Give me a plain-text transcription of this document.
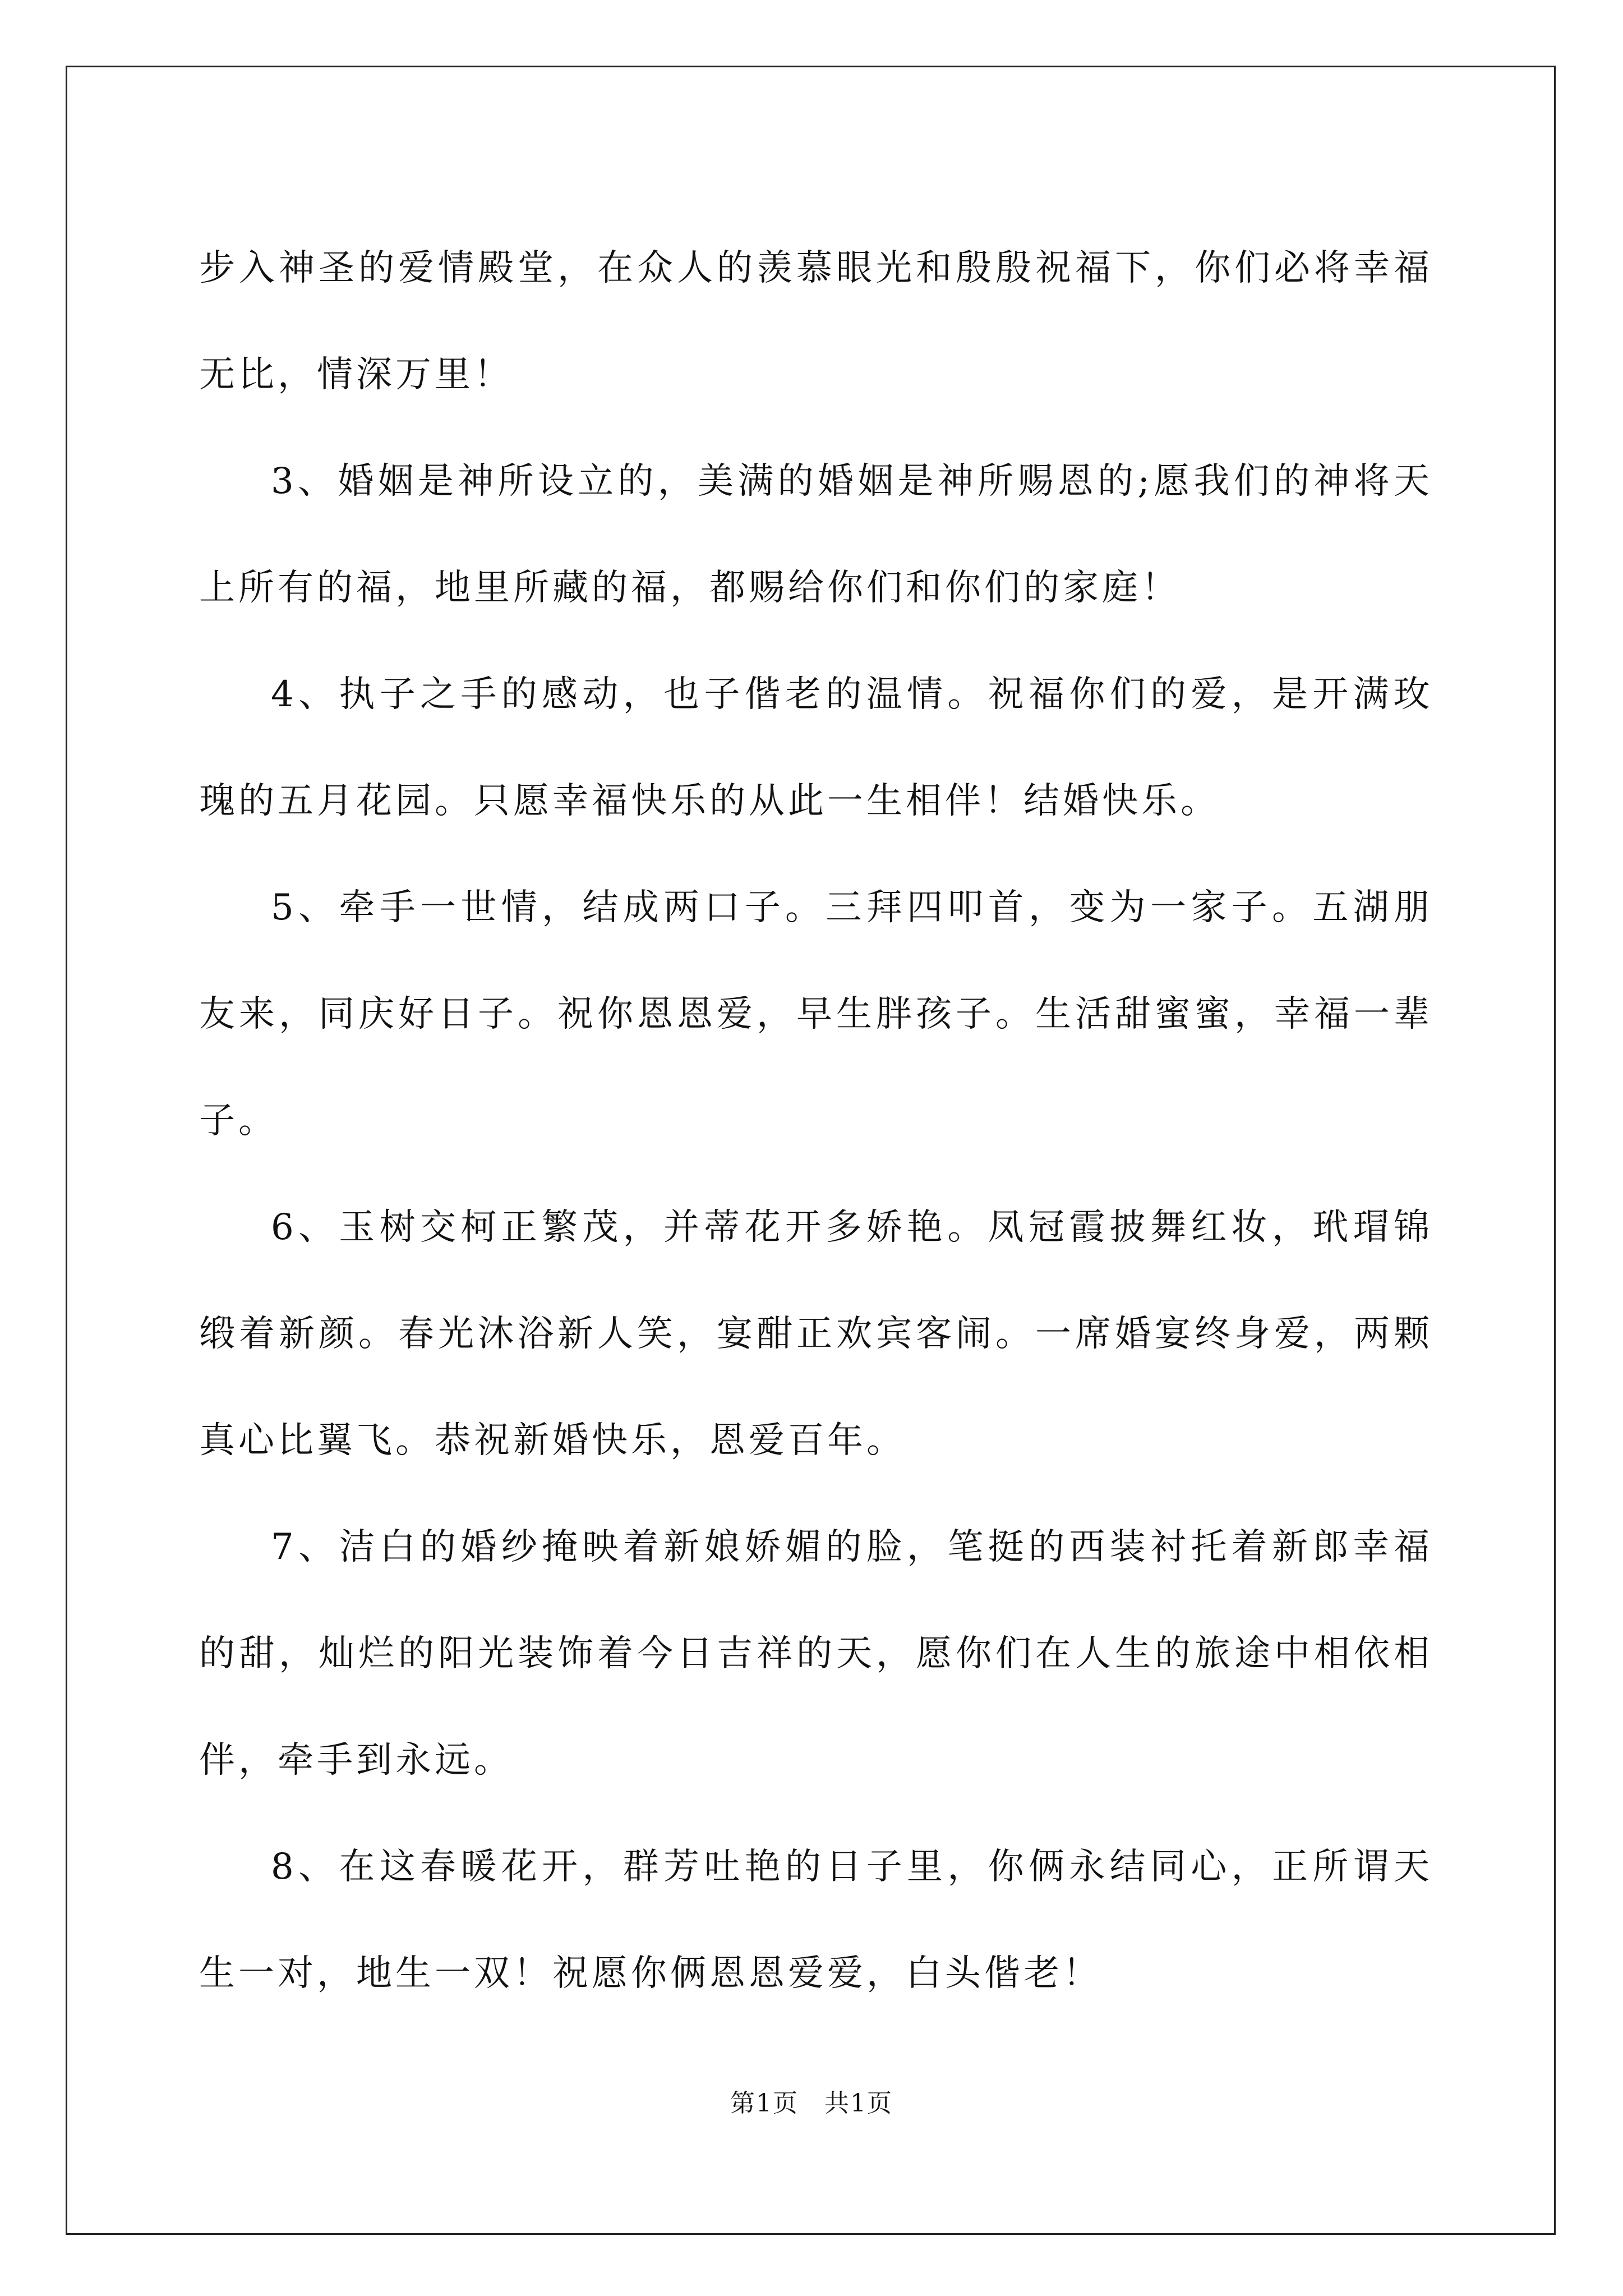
步入神圣的爱情殿堂，在众人的羡慕眼光和殷殷祝福下，你们必将幸福无比，情深万里！

3、婚姻是神所设立的，美满的婚姻是神所赐恩的;愿我们的神将天上所有的福，地里所藏的福，都赐给你们和你们的家庭！

4、执子之手的感动，也子偕老的温情。祝福你们的爱，是开满玫瑰的五月花园。只愿幸福快乐的从此一生相伴！结婚快乐。

5、牵手一世情，结成两口子。三拜四叩首，变为一家子。五湖朋友来，同庆好日子。祝你恩恩爱，早生胖孩子。生活甜蜜蜜，幸福一辈子。

6、玉树交柯正繁茂，并蒂花开多娇艳。凤冠霞披舞红妆，玳瑁锦缎着新颜。春光沐浴新人笑，宴酣正欢宾客闹。一席婚宴终身爱，两颗真心比翼飞。恭祝新婚快乐，恩爱百年。

7、洁白的婚纱掩映着新娘娇媚的脸，笔挺的西装衬托着新郎幸福的甜，灿烂的阳光装饰着今日吉祥的天，愿你们在人生的旅途中相依相伴，牵手到永远。

8、在这春暖花开，群芳吐艳的日子里，你俩永结同心，正所谓天生一对，地生一双！祝愿你俩恩恩爱爱，白头偕老！

第1页　共1页
